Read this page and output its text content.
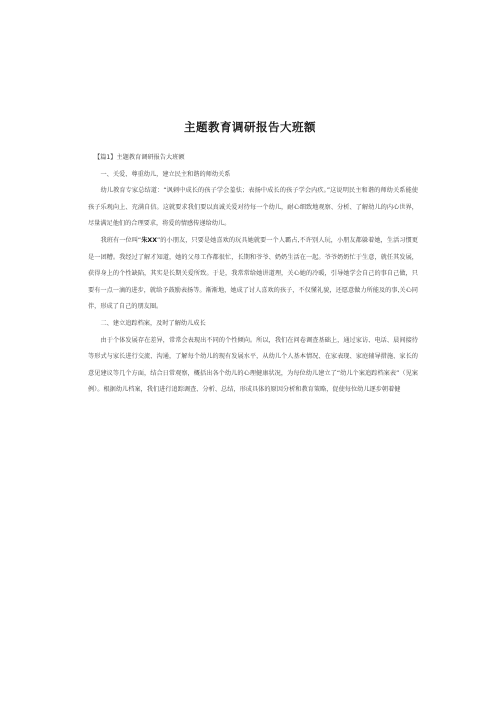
主题教育调研报告大班额

【篇1】主题教育调研报告大班额

一、关爱、尊重幼儿，建立民主和谐的师幼关系

幼儿教育专家总结道：“讽刺中成长的孩子学会羞怯；表扬中成长的孩子学会内疚。”这说明民主和谐的师幼关系能使孩子乐观向上、充满自信。这就要求我们要以真诚关爱对待每一个幼儿，耐心细致地观察、分析、了解幼儿的内心世界，尽量满足他们的合理要求，将爱的情感传递给幼儿。

我班有一位叫“朱XX”的小朋友，只要是她喜欢的玩具她就要一个人霸占,不许别人玩，小朋友都躲着她，生活习惯更是一团糟。我经过了解才知道，她的父母工作都很忙，长期和爷爷、奶奶生活在一起。爷爷奶奶忙于生意，就任其发展，获得身上的个性缺陷，其实是长期关爱所致。于是，我常常给她讲道理，关心她的冷暖，引导她学会自己的事自己做，只要有一点一滴的进步，就给予鼓励表扬等。渐渐地，她成了讨人喜欢的孩子，不仅懂礼貌，还愿意做力所能及的事,关心同伴，形成了自己的朋友圈。

二、建立追踪档案，及时了解幼儿成长

由于个体发展存在差异，常常会表现出不同的个性倾向。所以，我们在问卷调查基础上，通过家访、电话、晨间接待等形式与家长进行交流、沟通，了解每个幼儿的现有发展水平，从幼儿个人基本情况、在家表现、家庭辅导措施、家长的意见建议等几个方面，结合日常观察，概括出各个幼儿的心理健康状况，为每位幼儿建立了“幼儿个案追踪档案表”（见案例）。根据幼儿档案，我们进行追踪调查、分析、总结，形成具体的原因分析和教育策略，促使每位幼儿逐步朝着健
